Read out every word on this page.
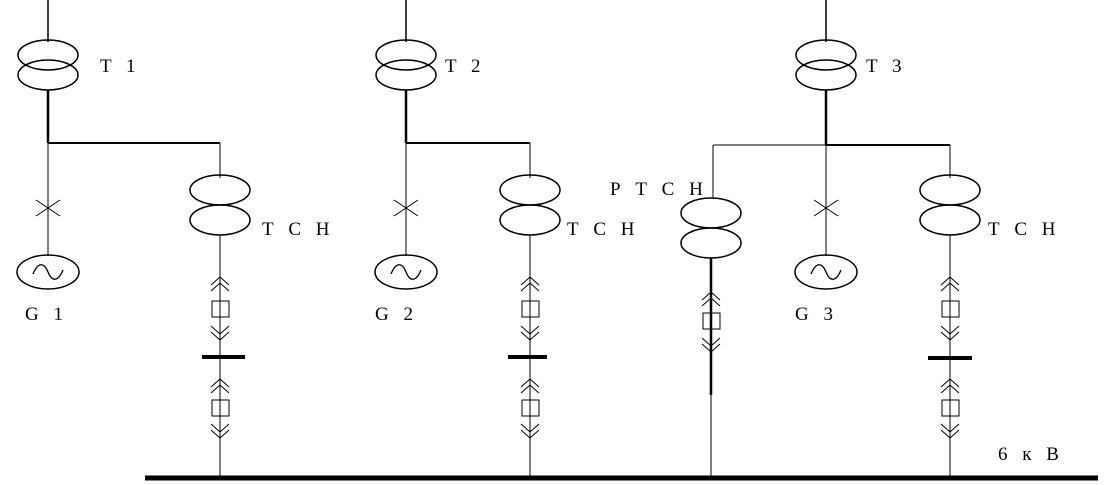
T 1
G 1
Т С Н
T 2
G 2
Т С Н
T 3
Р Т С Н
G 3
Т С Н
6 к В
